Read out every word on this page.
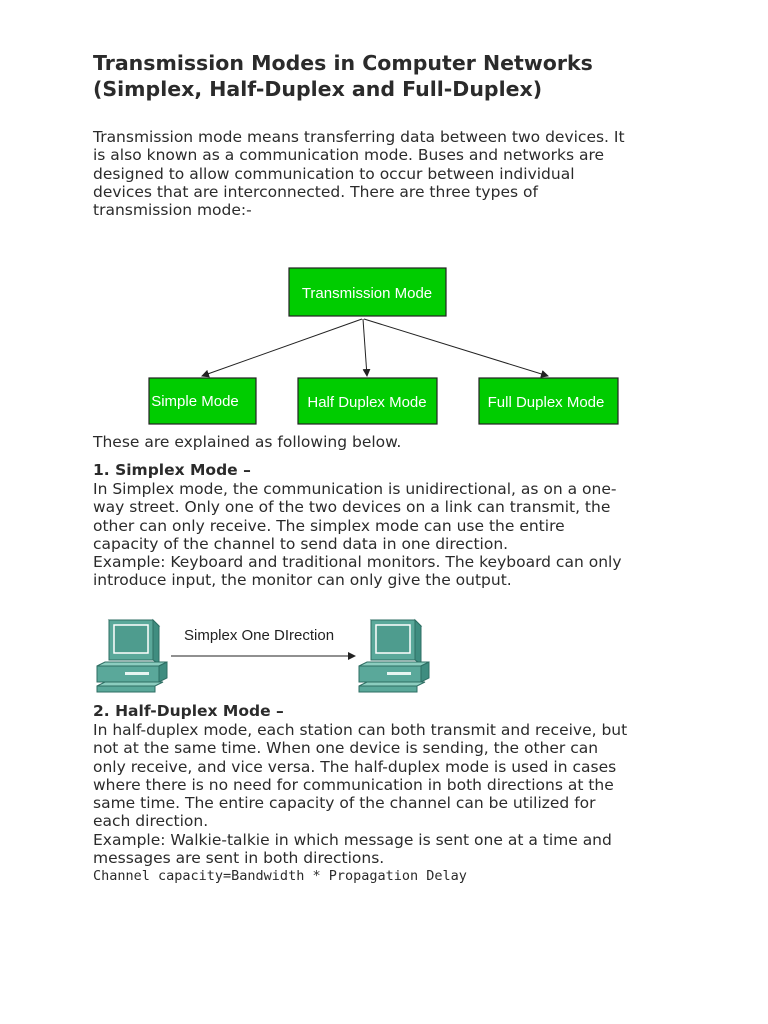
Transmission Modes in Computer Networks
(Simplex, Half-Duplex and Full-Duplex)

Transmission mode means transferring data between two devices. It
is also known as a communication mode. Buses and networks are
designed to allow communication to occur between individual
devices that are interconnected. There are three types of
transmission mode:-

Transmission Mode
Simple Mode	Half Duplex Mode	Full Duplex Mode

These are explained as following below.

1. Simplex Mode –

In Simplex mode, the communication is unidirectional, as on a one-
way street. Only one of the two devices on a link can transmit, the
other can only receive. The simplex mode can use the entire
capacity of the channel to send data in one direction.
Example: Keyboard and traditional monitors. The keyboard can only
introduce input, the monitor can only give the output.

Simplex One DIrection

2. Half-Duplex Mode –

In half-duplex mode, each station can both transmit and receive, but
not at the same time. When one device is sending, the other can
only receive, and vice versa. The half-duplex mode is used in cases
where there is no need for communication in both directions at the
same time. The entire capacity of the channel can be utilized for
each direction.
Example: Walkie-talkie in which message is sent one at a time and
messages are sent in both directions.

Channel capacity=Bandwidth * Propagation Delay
